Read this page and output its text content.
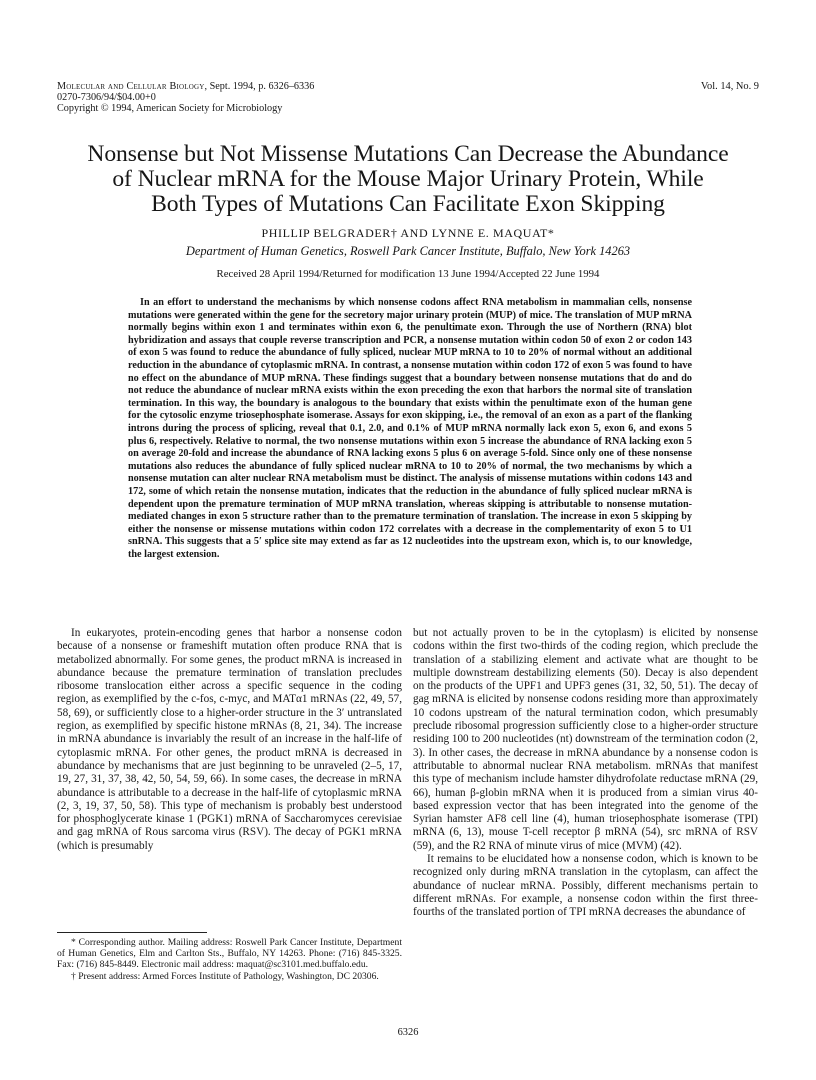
Molecular and Cellular Biology, Sept. 1994, p. 6326–6336
0270-7306/94/$04.00+0
Copyright © 1994, American Society for Microbiology
Vol. 14, No. 9
Nonsense but Not Missense Mutations Can Decrease the Abundance
of Nuclear mRNA for the Mouse Major Urinary Protein, While
Both Types of Mutations Can Facilitate Exon Skipping
PHILLIP BELGRADER† AND LYNNE E. MAQUAT*
Department of Human Genetics, Roswell Park Cancer Institute, Buffalo, New York 14263
Received 28 April 1994/Returned for modification 13 June 1994/Accepted 22 June 1994
In an effort to understand the mechanisms by which nonsense codons affect RNA metabolism in mammalian cells, nonsense mutations were generated within the gene for the secretory major urinary protein (MUP) of mice. The translation of MUP mRNA normally begins within exon 1 and terminates within exon 6, the penultimate exon. Through the use of Northern (RNA) blot hybridization and assays that couple reverse transcription and PCR, a nonsense mutation within codon 50 of exon 2 or codon 143 of exon 5 was found to reduce the abundance of fully spliced, nuclear MUP mRNA to 10 to 20% of normal without an additional reduction in the abundance of cytoplasmic mRNA. In contrast, a nonsense mutation within codon 172 of exon 5 was found to have no effect on the abundance of MUP mRNA. These findings suggest that a boundary between nonsense mutations that do and do not reduce the abundance of nuclear mRNA exists within the exon preceding the exon that harbors the normal site of translation termination. In this way, the boundary is analogous to the boundary that exists within the penultimate exon of the human gene for the cytosolic enzyme triosephosphate isomerase. Assays for exon skipping, i.e., the removal of an exon as a part of the flanking introns during the process of splicing, reveal that 0.1, 2.0, and 0.1% of MUP mRNA normally lack exon 5, exon 6, and exons 5 plus 6, respectively. Relative to normal, the two nonsense mutations within exon 5 increase the abundance of RNA lacking exon 5 on average 20-fold and increase the abundance of RNA lacking exons 5 plus 6 on average 5-fold. Since only one of these nonsense mutations also reduces the abundance of fully spliced nuclear mRNA to 10 to 20% of normal, the two mechanisms by which a nonsense mutation can alter nuclear RNA metabolism must be distinct. The analysis of missense mutations within codons 143 and 172, some of which retain the nonsense mutation, indicates that the reduction in the abundance of fully spliced nuclear mRNA is dependent upon the premature termination of MUP mRNA translation, whereas skipping is attributable to nonsense mutation-mediated changes in exon 5 structure rather than to the premature termination of translation. The increase in exon 5 skipping by either the nonsense or missense mutations within codon 172 correlates with a decrease in the complementarity of exon 5 to U1 snRNA. This suggests that a 5′ splice site may extend as far as 12 nucleotides into the upstream exon, which is, to our knowledge, the largest extension.

In eukaryotes, protein-encoding genes that harbor a nonsense codon because of a nonsense or frameshift mutation often produce RNA that is metabolized abnormally. For some genes, the product mRNA is increased in abundance because the premature termination of translation precludes ribosome translocation either across a specific sequence in the coding region, as exemplified by the c-fos, c-myc, and MATα1 mRNAs (22, 49, 57, 58, 69), or sufficiently close to a higher-order structure in the 3′ untranslated region, as exemplified by specific histone mRNAs (8, 21, 34). The increase in mRNA abundance is invariably the result of an increase in the half-life of cytoplasmic mRNA. For other genes, the product mRNA is decreased in abundance by mechanisms that are just beginning to be unraveled (2–5, 17, 19, 27, 31, 37, 38, 42, 50, 54, 59, 66). In some cases, the decrease in mRNA abundance is attributable to a decrease in the half-life of cytoplasmic mRNA (2, 3, 19, 37, 50, 58). This type of mechanism is probably best understood for phosphoglycerate kinase 1 (PGK1) mRNA of Saccharomyces cerevisiae and gag mRNA of Rous sarcoma virus (RSV). The decay of PGK1 mRNA (which is presumably

but not actually proven to be in the cytoplasm) is elicited by nonsense codons within the first two-thirds of the coding region, which preclude the translation of a stabilizing element and activate what are thought to be multiple downstream destabilizing elements (50). Decay is also dependent on the products of the UPF1 and UPF3 genes (31, 32, 50, 51). The decay of gag mRNA is elicited by nonsense codons residing more than approximately 10 codons upstream of the natural termination codon, which presumably preclude ribosomal progression sufficiently close to a higher-order structure residing 100 to 200 nucleotides (nt) downstream of the termination codon (2, 3). In other cases, the decrease in mRNA abundance by a nonsense codon is attributable to abnormal nuclear RNA metabolism. mRNAs that manifest this type of mechanism include hamster dihydrofolate reductase mRNA (29, 66), human β-globin mRNA when it is produced from a simian virus 40-based expression vector that has been integrated into the genome of the Syrian hamster AF8 cell line (4), human triosephosphate isomerase (TPI) mRNA (6, 13), mouse T-cell receptor β mRNA (54), src mRNA of RSV (59), and the R2 RNA of minute virus of mice (MVM) (42).

It remains to be elucidated how a nonsense codon, which is known to be recognized only during mRNA translation in the cytoplasm, can affect the abundance of nuclear mRNA. Possibly, different mechanisms pertain to different mRNAs. For example, a nonsense codon within the first three-fourths of the translated portion of TPI mRNA decreases the abundance of

* Corresponding author. Mailing address: Roswell Park Cancer Institute, Department of Human Genetics, Elm and Carlton Sts., Buffalo, NY 14263. Phone: (716) 845-3325. Fax: (716) 845-8449. Electronic mail address: maquat@sc3101.med.buffalo.edu.

† Present address: Armed Forces Institute of Pathology, Washington, DC 20306.

6326
